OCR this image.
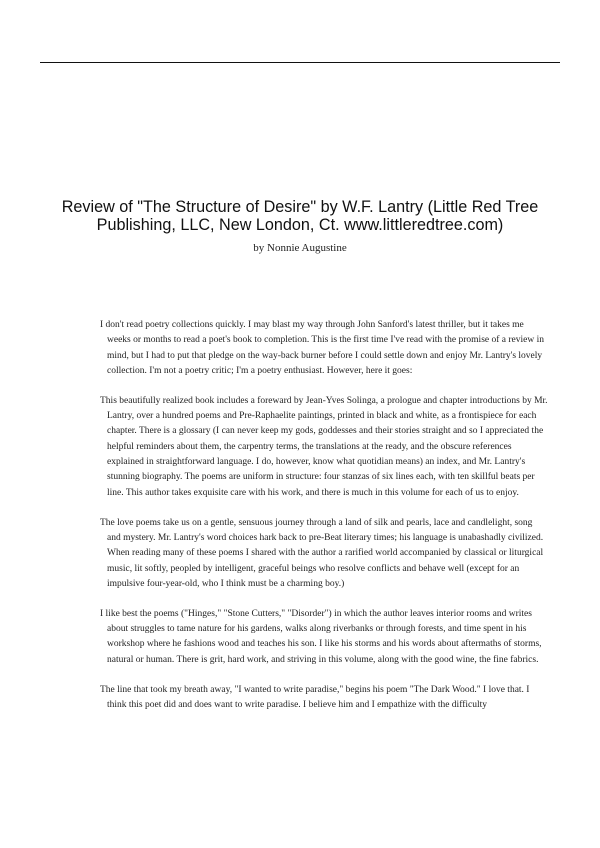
Review of "The Structure of Desire" by W.F. Lantry (Little Red Tree Publishing, LLC, New London, Ct. www.littleredtree.com)
by Nonnie Augustine

I don't read poetry collections quickly. I may blast my way through John Sanford's latest thriller, but it takes me weeks or months to read a poet's book to completion. This is the first time I've read with the promise of a review in mind, but I had to put that pledge on the way-back burner before I could settle down and enjoy Mr. Lantry's lovely collection. I'm not a poetry critic; I'm a poetry enthusiast. However, here it goes:

This beautifully realized book includes a foreward by Jean-Yves Solinga, a prologue and chapter introductions by Mr. Lantry, over a hundred poems and Pre-Raphaelite paintings, printed in black and white, as a frontispiece for each chapter. There is a glossary (I can never keep my gods, goddesses and their stories straight and so I appreciated the helpful reminders about them, the carpentry terms, the translations at the ready, and the obscure references explained in straightforward language. I do, however, know what quotidian means) an index, and Mr. Lantry's stunning biography. The poems are uniform in structure: four stanzas of six lines each, with ten skillful beats per line. This author takes exquisite care with his work, and there is much in this volume for each of us to enjoy.

The love poems take us on a gentle, sensuous journey through a land of silk and pearls, lace and candlelight, song and mystery. Mr. Lantry's word choices hark back to pre-Beat literary times; his language is unabashadly civilized. When reading many of these poems I shared with the author a rarified world accompanied by classical or liturgical music, lit softly, peopled by intelligent, graceful beings who resolve conflicts and behave well (except for an impulsive four-year-old, who I think must be a charming boy.)

I like best the poems ("Hinges," "Stone Cutters," "Disorder") in which the author leaves interior rooms and writes about struggles to tame nature for his gardens, walks along riverbanks or through forests, and time spent in his workshop where he fashions wood and teaches his son. I like his storms and his words about aftermaths of storms, natural or human. There is grit, hard work, and striving in this volume, along with the good wine, the fine fabrics.

The line that took my breath away, "I wanted to write paradise," begins his poem "The Dark Wood." I love that. I think this poet did and does want to write paradise. I believe him and I empathize with the difficulty
